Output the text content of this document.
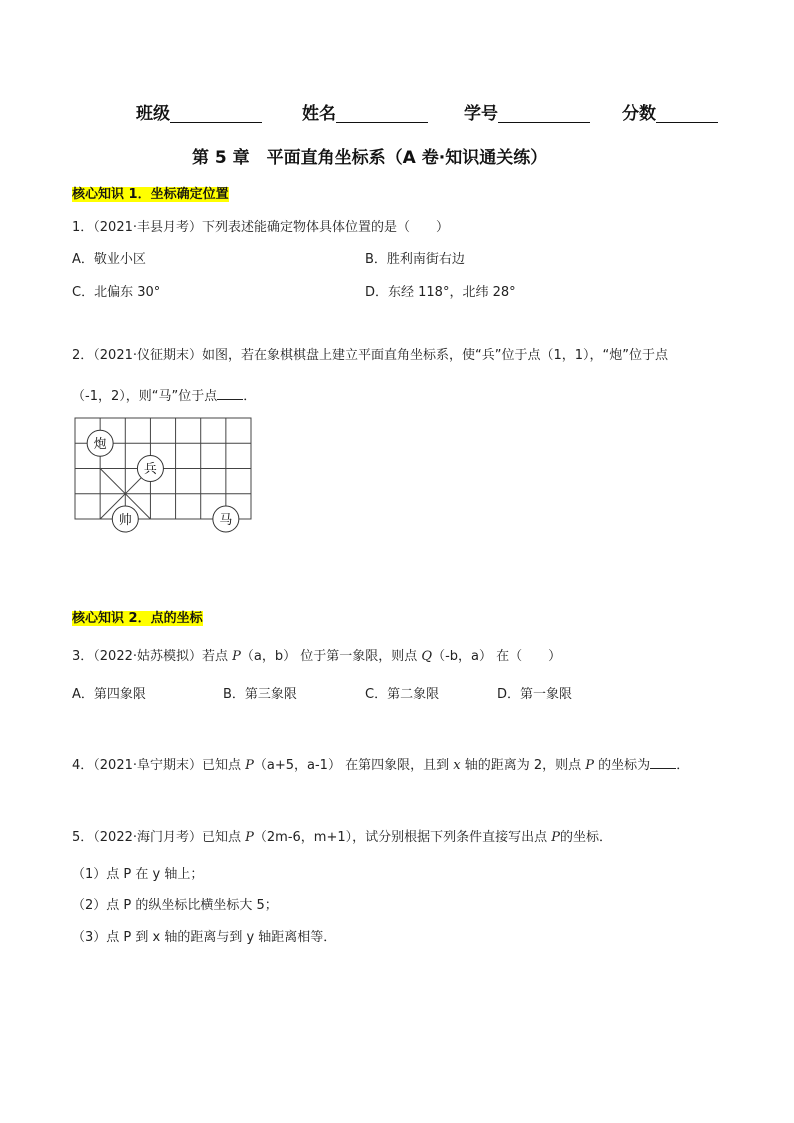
班级	姓名	学号	分数
第 5 章　平面直角坐标系（A 卷·知识通关练）
核心知识 1．坐标确定位置
1．（2021·丰县月考）下列表述能确定物体具体位置的是（　　）
A．敬业小区	B．胜利南街右边
C．北偏东 30°	D．东经 118°，北纬 28°
2．（2021·仪征期末）如图，若在象棋棋盘上建立平面直角坐标系，使“兵”位于点（1，1），“炮”位于点
（-1，2），则“马”位于点 ．
炮
兵
帅	马
核心知识 2．点的坐标
3．（2022·姑苏模拟）若点 P（a，b） 位于第一象限，则点 Q（-b，a） 在（　　）
A．第四象限	B．第三象限	C．第二象限	D．第一象限
4．（2021·阜宁期末）已知点 P（a+5，a-1） 在第四象限，且到 x 轴的距离为 2，则点 P 的坐标为 ．
5．（2022·海门月考）已知点 P（2m-6，m+1），试分别根据下列条件直接写出点 P的坐标．
（1）点 P 在 y 轴上；
（2）点 P 的纵坐标比横坐标大 5；
（3）点 P 到 x 轴的距离与到 y 轴距离相等．
